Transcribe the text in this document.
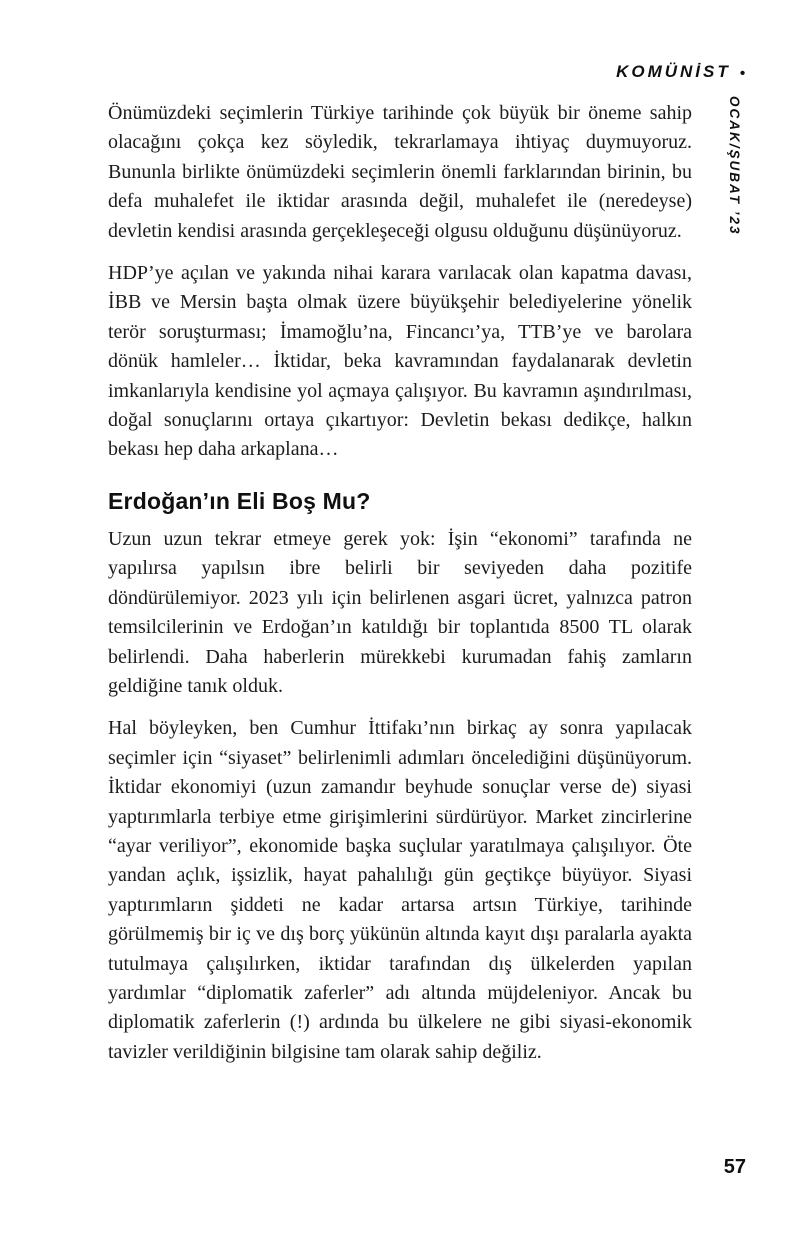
KOMÜNİST •
OCAK/ŞUBAT ’23

Önümüzdeki seçimlerin Türkiye tarihinde çok büyük bir öneme sahip olacağını çokça kez söyledik, tekrarlamaya ihtiyaç duymuyoruz. Bununla birlikte önümüzdeki seçimlerin önemli farklarından birinin, bu defa muhalefet ile iktidar arasında değil, muhalefet ile (neredeyse) devletin kendisi arasında gerçekleşeceği olgusu olduğunu düşünüyoruz.

HDP’ye açılan ve yakında nihai karara varılacak olan kapatma davası, İBB ve Mersin başta olmak üzere büyükşehir belediyelerine yönelik terör soruşturması; İmamoğlu’na, Fincancı’ya, TTB’ye ve barolara dönük hamleler… İktidar, beka kavramından faydalanarak devletin imkanlarıyla kendisine yol açmaya çalışıyor. Bu kavramın aşındırılması, doğal sonuçlarını ortaya çıkartıyor: Devletin bekası dedikçe, halkın bekası hep daha arkaplana…

Erdoğan’ın Eli Boş Mu?

Uzun uzun tekrar etmeye gerek yok: İşin “ekonomi” tarafında ne yapılırsa yapılsın ibre belirli bir seviyeden daha pozitife döndürülemiyor. 2023 yılı için belirlenen asgari ücret, yalnızca patron temsilcilerinin ve Erdoğan’ın katıldığı bir toplantıda 8500 TL olarak belirlendi. Daha haberlerin mürekkebi kurumadan fahiş zamların geldiğine tanık olduk.

Hal böyleyken, ben Cumhur İttifakı’nın birkaç ay sonra yapılacak seçimler için “siyaset” belirlenimli adımları öncelediğini düşünüyorum. İktidar ekonomiyi (uzun zamandır beyhude sonuçlar verse de) siyasi yaptırımlarla terbiye etme girişimlerini sürdürüyor. Market zincirlerine “ayar veriliyor”, ekonomide başka suçlular yaratılmaya çalışılıyor. Öte yandan açlık, işsizlik, hayat pahalılığı gün geçtikçe büyüyor. Siyasi yaptırımların şiddeti ne kadar artarsa artsın Türkiye, tarihinde görülmemiş bir iç ve dış borç yükünün altında kayıt dışı paralarla ayakta tutulmaya çalışılırken, iktidar tarafından dış ülkelerden yapılan yardımlar “diplomatik zaferler” adı altında müjdeleniyor. Ancak bu diplomatik zaferlerin (!) ardında bu ülkelere ne gibi siyasi-ekonomik tavizler verildiğinin bilgisine tam olarak sahip değiliz.

57
